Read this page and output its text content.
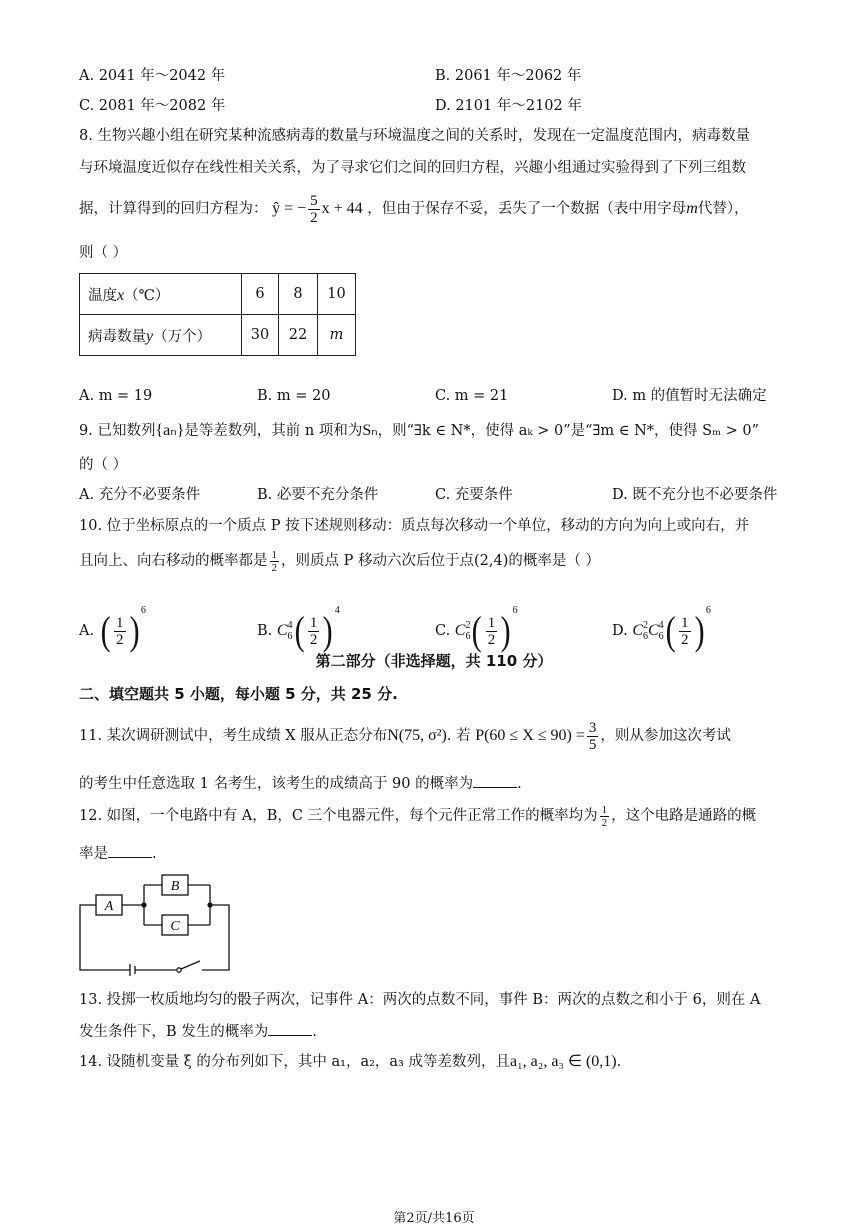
A. 2041 年～2042 年	B. 2061 年～2062 年
C. 2081 年～2082 年	D. 2101 年～2102 年
8. 生物兴趣小组在研究某种流感病毒的数量与环境温度之间的关系时，发现在一定温度范围内，病毒数量
与环境温度近似存在线性相关关系，为了寻求它们之间的回归方程，兴趣小组通过实验得到了下列三组数
据，计算得到的回归方程为： ŷ = − $\frac{5}{2}$ x + 44 ，但由于保存不妥，丢失了一个数据（表中用字母m代替），
则（ ）
温度x（℃）	6	8	10
病毒数量y（万个）	30	22	m
A. m = 19	B. m = 20	C. m = 21	D. m 的值暂时无法确定
9. 已知数列{aₙ}是等差数列，其前 n 项和为Sₙ，则“∃k ∈ N*，使得 aₖ > 0”是“∃m ∈ N*，使得 Sₘ > 0”
的（ ）
A. 充分不必要条件	B. 必要不充分条件	C. 充要条件	D. 既不充分也不必要条件
10. 位于坐标原点的一个质点 P 按下述规则移动：质点每次移动一个单位，移动的方向为向上或向右，并
且向上、向右移动的概率都是 $\frac{1}{2}$ ，则质点 P 移动六次后位于点(2,4)的概率是（ ）
A. ( $\frac{1}{2}$ ) $^6$
B. C 4
6 ( $\frac{1}{2}$ ) $^4$
C. C 2
6 ( $\frac{1}{2}$ ) $^6$
D. C 2
6 C 4
6 ( $\frac{1}{2}$ ) $^6$
第二部分（非选择题，共 110 分）
二、填空题共 5 小题，每小题 5 分，共 25 分.
11. 某次调研测试中，考生成绩 X 服从正态分布N(75, σ²). 若 $P(60 \le X \le 90) = \frac{3}{5}$ ，则从参加这次考试
的考生中任意选取 1 名考生，该考生的成绩高于 90 的概率为	.
12. 如图，一个电路中有 A，B，C 三个电器元件，每个元件正常工作的概率均为 $\frac{1}{2}$ ，这个电路是通路的概
率是	.
A
B
C
13. 投掷一枚质地均匀的骰子两次，记事件 A：两次的点数不同，事件 B：两次的点数之和小于 6，则在 A
发生条件下，B 发生的概率为	.
14. 设随机变量 ξ 的分布列如下，其中 a₁，a₂，a₃ 成等差数列，且a₁, a₂, a₃ ∈ (0,1).
第2页/共16页
